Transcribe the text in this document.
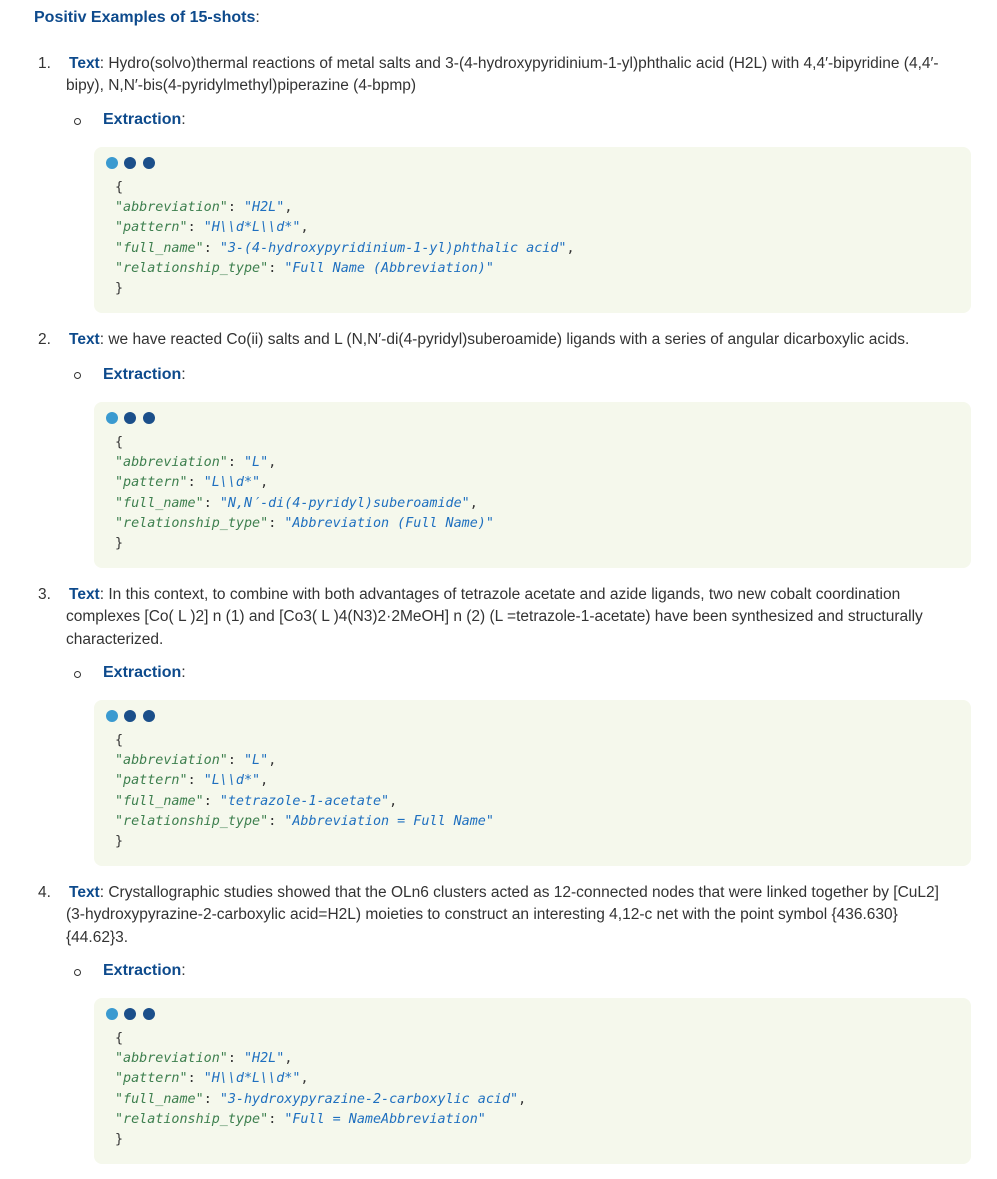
Positiv Examples of 15-shots:
1. Text: Hydro(solvo)thermal reactions of metal salts and 3-(4-hydroxypyridinium-1-yl)phthalic acid (H2L) with 4,4′-bipyridine (4,4′-bipy), N,N′-bis(4-pyridylmethyl)piperazine (4-bpmp)
Extraction:
{
"abbreviation": "H2L",
"pattern": "H\\d*L\\d*",
"full_name": "3-(4-hydroxypyridinium-1-yl)phthalic acid",
"relationship_type": "Full Name (Abbreviation)"
}
2. Text: we have reacted Co(ii) salts and L (N,N′-di(4-pyridyl)suberoamide) ligands with a series of angular dicarboxylic acids.
Extraction:
{
"abbreviation": "L",
"pattern": "L\\d*",
"full_name": "N,N′-di(4-pyridyl)suberoamide",
"relationship_type": "Abbreviation (Full Name)"
}
3. Text: In this context, to combine with both advantages of tetrazole acetate and azide ligands, two new cobalt coordination complexes [Co( L )2] n (1) and [Co3( L )4(N3)2·2MeOH] n (2) (L =tetrazole-1-acetate) have been synthesized and structurally characterized.
Extraction:
{
"abbreviation": "L",
"pattern": "L\\d*",
"full_name": "tetrazole-1-acetate",
"relationship_type": "Abbreviation = Full Name"
}
4. Text: Crystallographic studies showed that the OLn6 clusters acted as 12-connected nodes that were linked together by [CuL2] (3-hydroxypyrazine-2-carboxylic acid=H2L) moieties to construct an interesting 4,12-c net with the point symbol {436.630}{44.62}3.
Extraction:
{
"abbreviation": "H2L",
"pattern": "H\\d*L\\d*",
"full_name": "3-hydroxypyrazine-2-carboxylic acid",
"relationship_type": "Full = NameAbbreviation"
}
